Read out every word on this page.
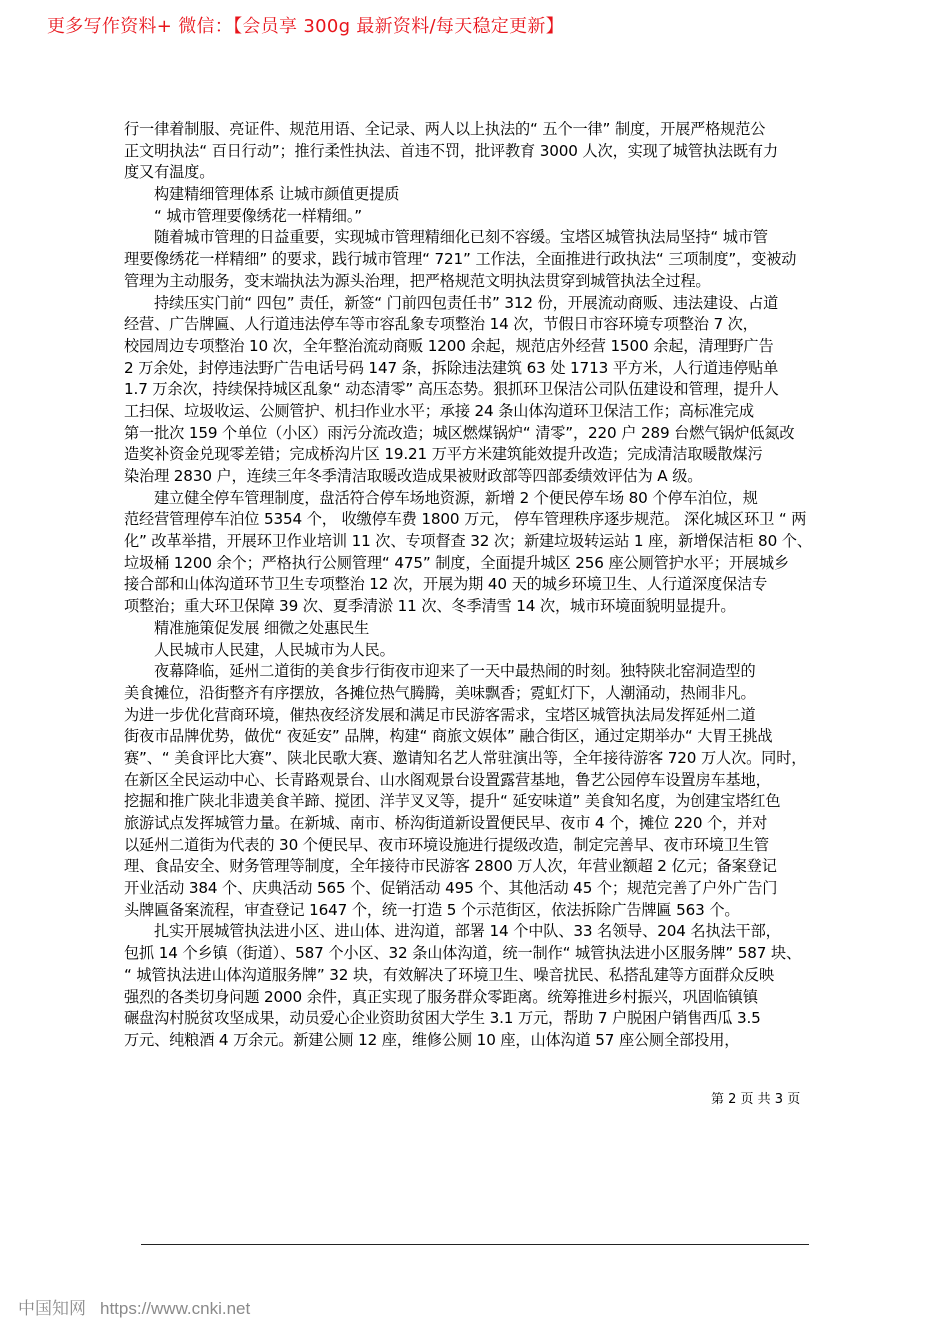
更多写作资料+ 微信：【会员享 300g 最新资料/每天稳定更新】
行一律着制服、亮证件、规范用语、全记录、两人以上执法的“ 五个一律” 制度，开展严格规范公
正文明执法“ 百日行动”；推行柔性执法、首违不罚，批评教育 3000 人次，实现了城管执法既有力
度又有温度。
构建精细管理体系 让城市颜值更提质
“ 城市管理要像绣花一样精细。”
随着城市管理的日益重要，实现城市管理精细化已刻不容缓。宝塔区城管执法局坚持“ 城市管
理要像绣花一样精细” 的要求，践行城市管理“ 721” 工作法，全面推进行政执法“ 三项制度”，变被动
管理为主动服务，变末端执法为源头治理，把严格规范文明执法贯穿到城管执法全过程。
持续压实门前“ 四包” 责任，新签“ 门前四包责任书” 312 份，开展流动商贩、违法建设、占道
经营、广告牌匾、人行道违法停车等市容乱象专项整治 14 次，节假日市容环境专项整治 7 次，
校园周边专项整治 10 次，全年整治流动商贩 1200 余起，规范店外经营 1500 余起，清理野广告
2 万余处，封停违法野广告电话号码 147 条，拆除违法建筑 63 处 1713 平方米，人行道违停贴单
1.7 万余次，持续保持城区乱象“ 动态清零” 高压态势。狠抓环卫保洁公司队伍建设和管理，提升人
工扫保、垃圾收运、公厕管护、机扫作业水平；承接 24 条山体沟道环卫保洁工作；高标准完成
第一批次 159 个单位（小区）雨污分流改造；城区燃煤锅炉“ 清零”，220 户 289 台燃气锅炉低氮改
造奖补资金兑现零差错；完成桥沟片区 19.21 万平方米建筑能效提升改造；完成清洁取暖散煤污
染治理 2830 户，连续三年冬季清洁取暖改造成果被财政部等四部委绩效评估为 A 级。
建立健全停车管理制度，盘活符合停车场地资源，新增 2 个便民停车场 80 个停车泊位，规
范经营管理停车泊位 5354 个， 收缴停车费 1800 万元， 停车管理秩序逐步规范。 深化城区环卫 “ 两
化” 改革举措，开展环卫作业培训 11 次、专项督查 32 次；新建垃圾转运站 1 座，新增保洁柜 80 个、
垃圾桶 1200 余个；严格执行公厕管理“ 475” 制度，全面提升城区 256 座公厕管护水平；开展城乡
接合部和山体沟道环节卫生专项整治 12 次，开展为期 40 天的城乡环境卫生、人行道深度保洁专
项整治；重大环卫保障 39 次、夏季清淤 11 次、冬季清雪 14 次，城市环境面貌明显提升。
精准施策促发展 细微之处惠民生
人民城市人民建，人民城市为人民。
夜幕降临，延州二道街的美食步行街夜市迎来了一天中最热闹的时刻。独特陕北窑洞造型的
美食摊位，沿街整齐有序摆放，各摊位热气腾腾，美味飘香；霓虹灯下，人潮涌动，热闹非凡。
为进一步优化营商环境，催热夜经济发展和满足市民游客需求，宝塔区城管执法局发挥延州二道
街夜市品牌优势，做优“ 夜延安” 品牌，构建“ 商旅文娱体” 融合街区，通过定期举办“ 大胃王挑战
赛”、“ 美食评比大赛”、陕北民歌大赛、邀请知名艺人常驻演出等，全年接待游客 720 万人次。同时，
在新区全民运动中心、长青路观景台、山水阁观景台设置露营基地，鲁艺公园停车设置房车基地，
挖掘和推广陕北非遗美食羊蹄、搅团、洋芋叉叉等，提升“ 延安味道” 美食知名度，为创建宝塔红色
旅游试点发挥城管力量。在新城、南市、桥沟街道新设置便民早、夜市 4 个，摊位 220 个，并对
以延州二道街为代表的 30 个便民早、夜市环境设施进行提级改造，制定完善早、夜市环境卫生管
理、食品安全、财务管理等制度，全年接待市民游客 2800 万人次，年营业额超 2 亿元；备案登记
开业活动 384 个、庆典活动 565 个、促销活动 495 个、其他活动 45 个；规范完善了户外广告门
头牌匾备案流程，审查登记 1647 个，统一打造 5 个示范街区，依法拆除广告牌匾 563 个。
扎实开展城管执法进小区、进山体、进沟道，部署 14 个中队、33 名领导、204 名执法干部，
包抓 14 个乡镇（街道）、587 个小区、32 条山体沟道，统一制作“ 城管执法进小区服务牌” 587 块、
“ 城管执法进山体沟道服务牌” 32 块，有效解决了环境卫生、噪音扰民、私搭乱建等方面群众反映
强烈的各类切身问题 2000 余件，真正实现了服务群众零距离。统筹推进乡村振兴，巩固临镇镇
碾盘沟村脱贫攻坚成果，动员爱心企业资助贫困大学生 3.1 万元，帮助 7 户脱困户销售西瓜 3.5
万元、纯粮酒 4 万余元。新建公厕 12 座，维修公厕 10 座，山体沟道 57 座公厕全部投用，
第 2 页 共 3 页
中国知网 https://www.cnki.net
